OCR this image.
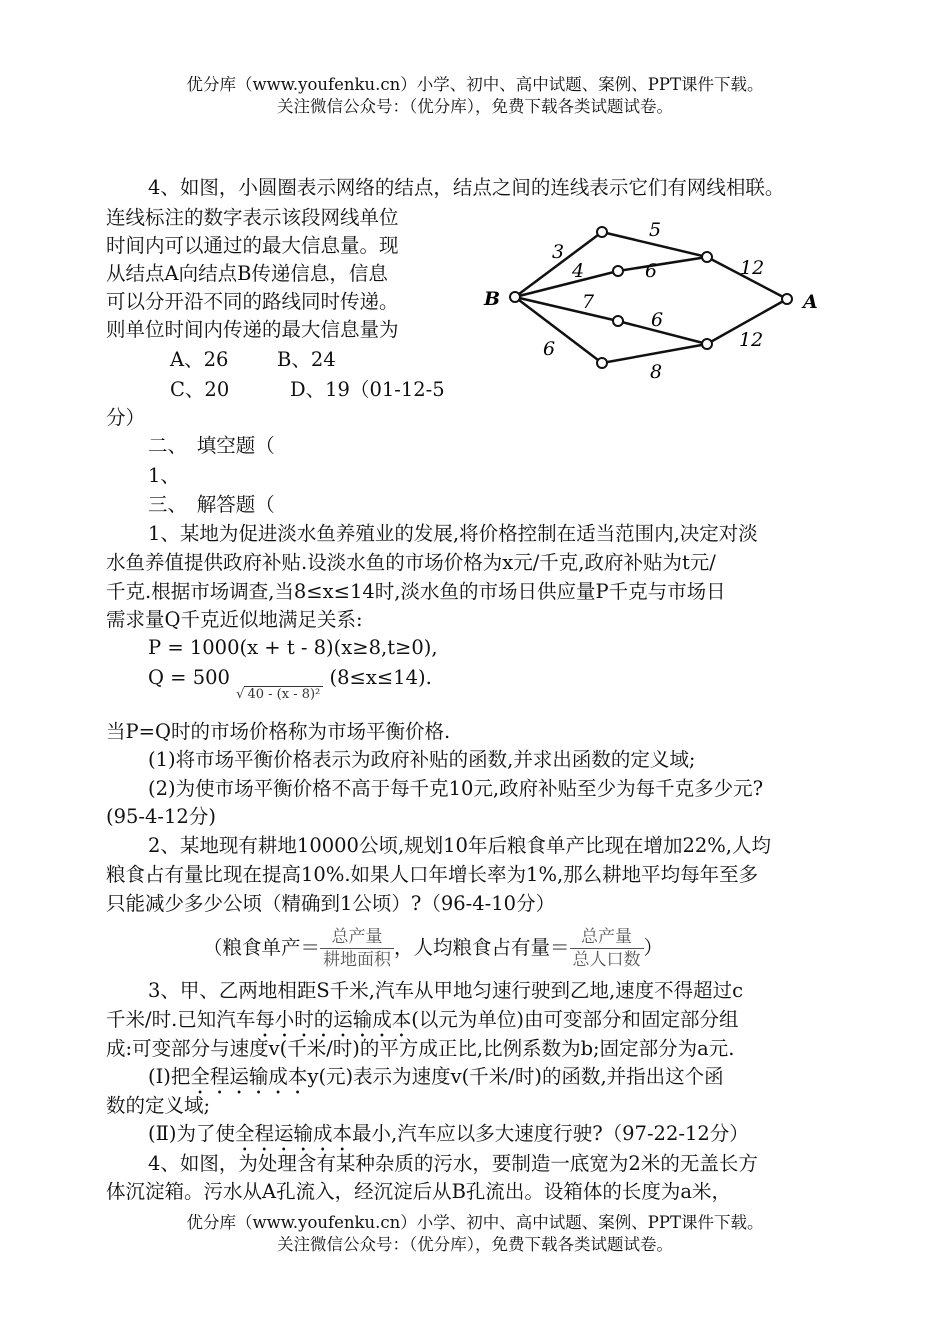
优分库（www.youfenku.cn）小学、初中、高中试题、案例、PPT课件下载。
关注微信公众号：（优分库），免费下载各类试题试卷。
4、如图，小圆圈表示网络的结点，结点之间的连线表示它们有网线相联。
连线标注的数字表示该段网线单位
时间内可以通过的最大信息量。现
从结点A向结点B传递信息，信息
可以分开沿不同的路线同时传递。
则单位时间内传递的最大信息量为
A、26 B、24
C、20	D、19（01-12-5
分）
B	A
3
5
4	6	12
7
6
12
6
8
二、　填空题（
1、
三、　解答题（
1、某地为促进淡水鱼养殖业的发展,将价格控制在适当范围内,决定对淡
水鱼养值提供政府补贴.设淡水鱼的市场价格为x元/千克,政府补贴为t元/
千克.根据市场调查,当8≤x≤14时,淡水鱼的市场日供应量P千克与市场日
需求量Q千克近似地满足关系:
P = 1000(x + t - 8)(x≥8,t≥0),
Q = 500 √ 40 - (x - 8)² (8≤x≤14).
当P=Q时的市场价格称为市场平衡价格.
(1)将市场平衡价格表示为政府补贴的函数,并求出函数的定义域;
(2)为使市场平衡价格不高于每千克10元,政府补贴至少为每千克多少元?
(95-4-12分)
2、某地现有耕地10000公顷,规划10年后粮食单产比现在增加22%,人均
粮食占有量比现在提高10%.如果人口年增长率为1%,那么耕地平均每年至多
只能减少多少公顷（精确到1公顷）?（96-4-10分）
（粮食单产＝ $\frac{\text{总产量}}{\text{耕地面积}}$ ，人均粮食占有量＝ $\frac{\text{总产量}}{\text{总人口数}}$ ）
3、甲、乙两地相距S千米,汽车从甲地匀速行驶到乙地,速度不得超过c
千米/时.已知汽车每小时的运输成本(以元为单位)由可变部分和固定部分组
成:可变部分与速度v(千米/时)的平方成正比,比例系数为b;固定部分为a元.
(Ⅰ)把全程运输成本y(元)表示为速度v(千米/时)的函数,并指出这个函
数的定义域;
(Ⅱ)为了使全程运输成本最小,汽车应以多大速度行驶?（97-22-12分）
4、如图，为处理含有某种杂质的污水，要制造一底宽为2米的无盖长方
体沉淀箱。污水从A孔流入，经沉淀后从B孔流出。设箱体的长度为a米，
优分库（www.youfenku.cn）小学、初中、高中试题、案例、PPT课件下载。
关注微信公众号：（优分库），免费下载各类试题试卷。
